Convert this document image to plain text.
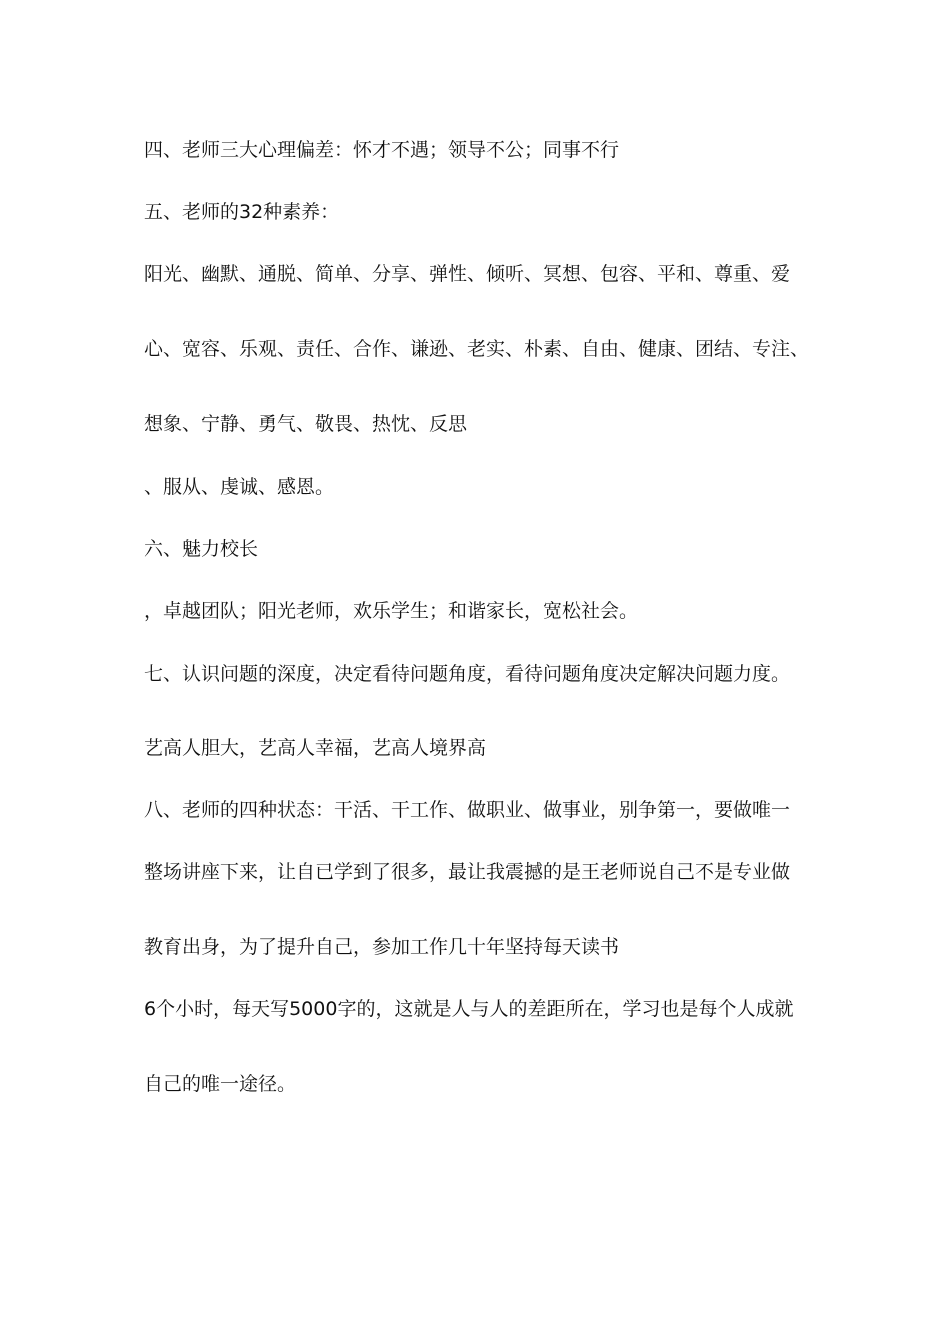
四、老师三大心理偏差：怀才不遇；领导不公；同事不行
五、老师的32种素养：
阳光、幽默、通脱、简单、分享、弹性、倾听、冥想、包容、平和、尊重、爱
心、宽容、乐观、责任、合作、谦逊、老实、朴素、自由、健康、团结、专注、
想象、宁静、勇气、敬畏、热忱、反思
、服从、虔诚、感恩。
六、魅力校长
，卓越团队；阳光老师，欢乐学生；和谐家长，宽松社会。
七、认识问题的深度，决定看待问题角度，看待问题角度决定解决问题力度。
艺高人胆大，艺高人幸福，艺高人境界高
八、老师的四种状态：干活、干工作、做职业、做事业，别争第一，要做唯一
整场讲座下来，让自已学到了很多，最让我震撼的是王老师说自己不是专业做
教育出身，为了提升自己，参加工作几十年坚持每天读书
6个小时，每天写5000字的，这就是人与人的差距所在，学习也是每个人成就
自己的唯一途径。
